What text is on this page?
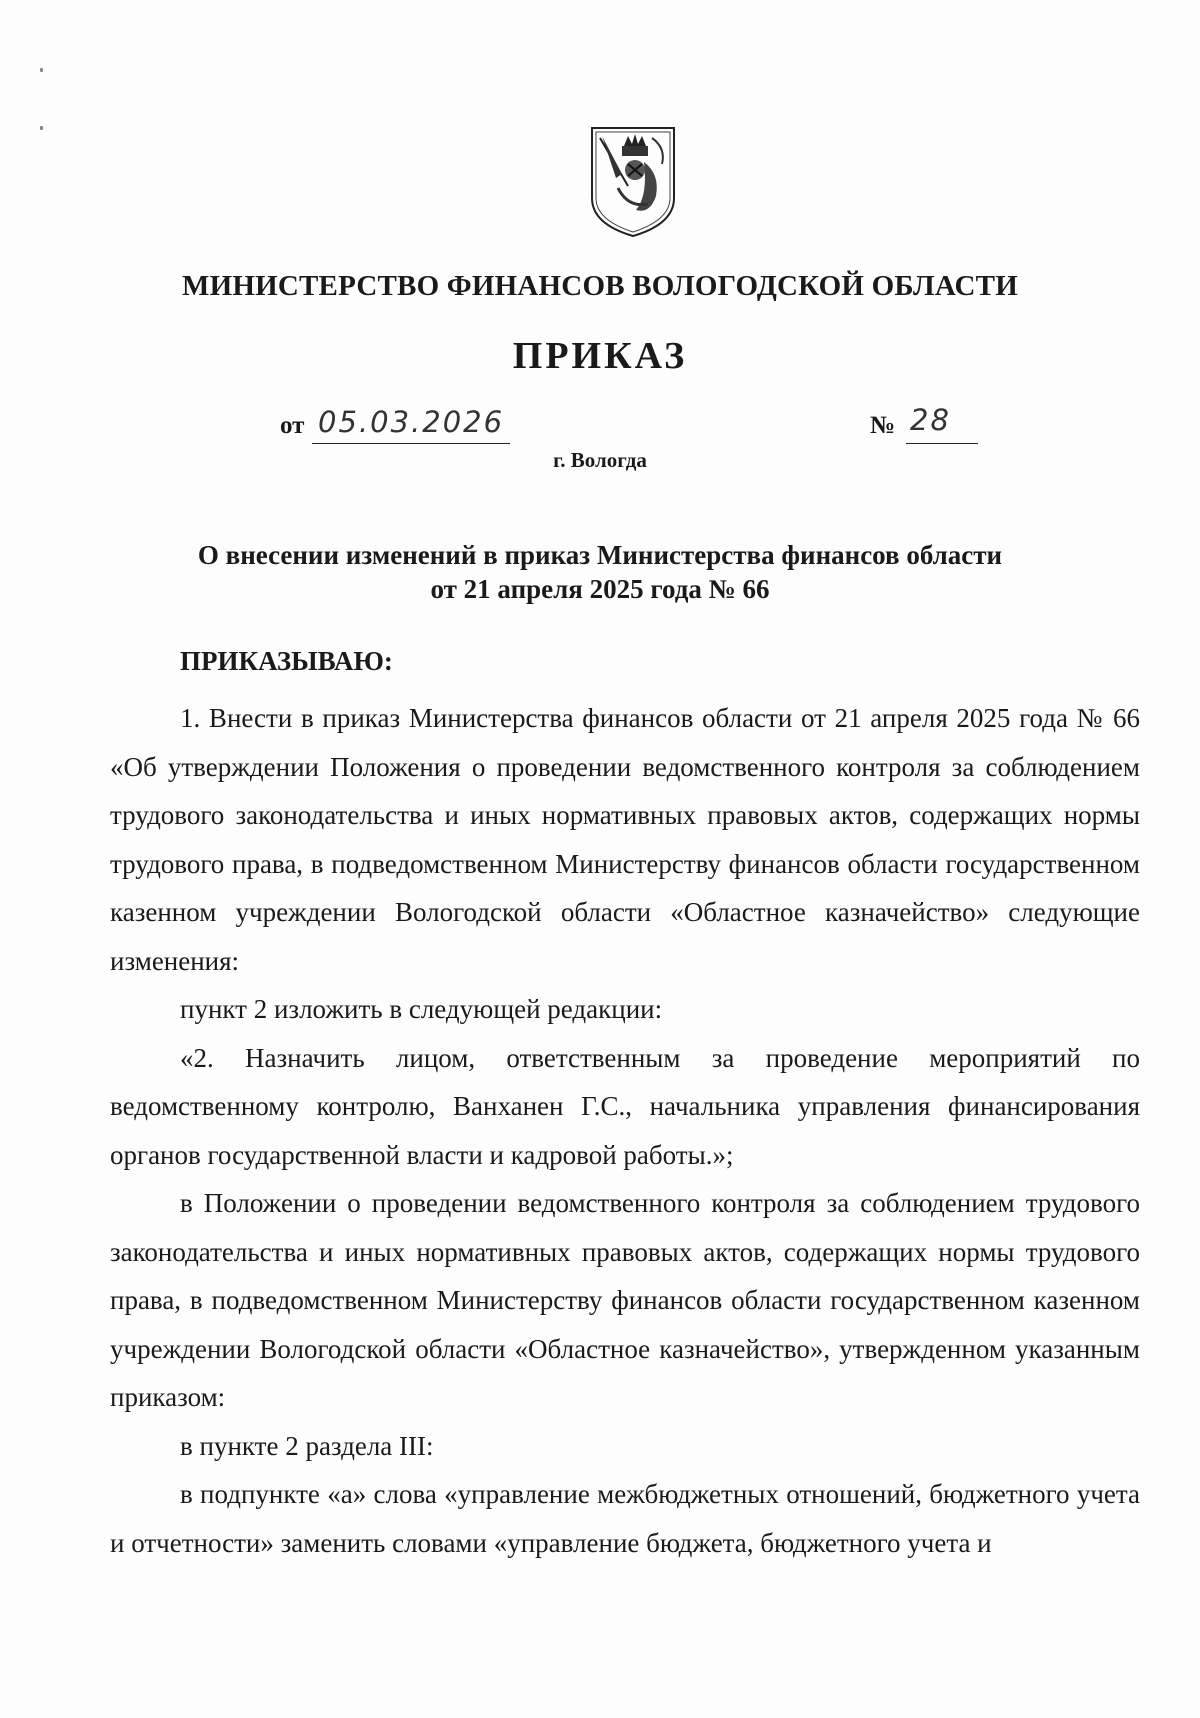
МИНИСТЕРСТВО ФИНАНСОВ ВОЛОГОДСКОЙ ОБЛАСТИ
ПРИКАЗ
от 05.03.2026	№ 28
г. Вологда
О внесении изменений в приказ Министерства финансов области
от 21 апреля 2025 года № 66
ПРИКАЗЫВАЮ:

1. Внести в приказ Министерства финансов области от 21 апреля 2025 года № 66 «Об утверждении Положения о проведении ведомственного контроля за соблюдением трудового законодательства и иных нормативных правовых актов, содержащих нормы трудового права, в подведомственном Министерству финансов области государственном казенном учреждении Вологодской области «Областное казначейство» следующие изменения:

пункт 2 изложить в следующей редакции:

«2. Назначить лицом, ответственным за проведение мероприятий по ведомственному контролю, Ванханен Г.С., начальника управления финансирования органов государственной власти и кадровой работы.»;

в Положении о проведении ведомственного контроля за соблюдением трудового законодательства и иных нормативных правовых актов, содержащих нормы трудового права, в подведомственном Министерству финансов области государственном казенном учреждении Вологодской области «Областное казначейство», утвержденном указанным приказом:

в пункте 2 раздела III:

в подпункте «а» слова «управление межбюджетных отношений, бюджетного учета и отчетности» заменить словами «управление бюджета, бюджетного учета и
